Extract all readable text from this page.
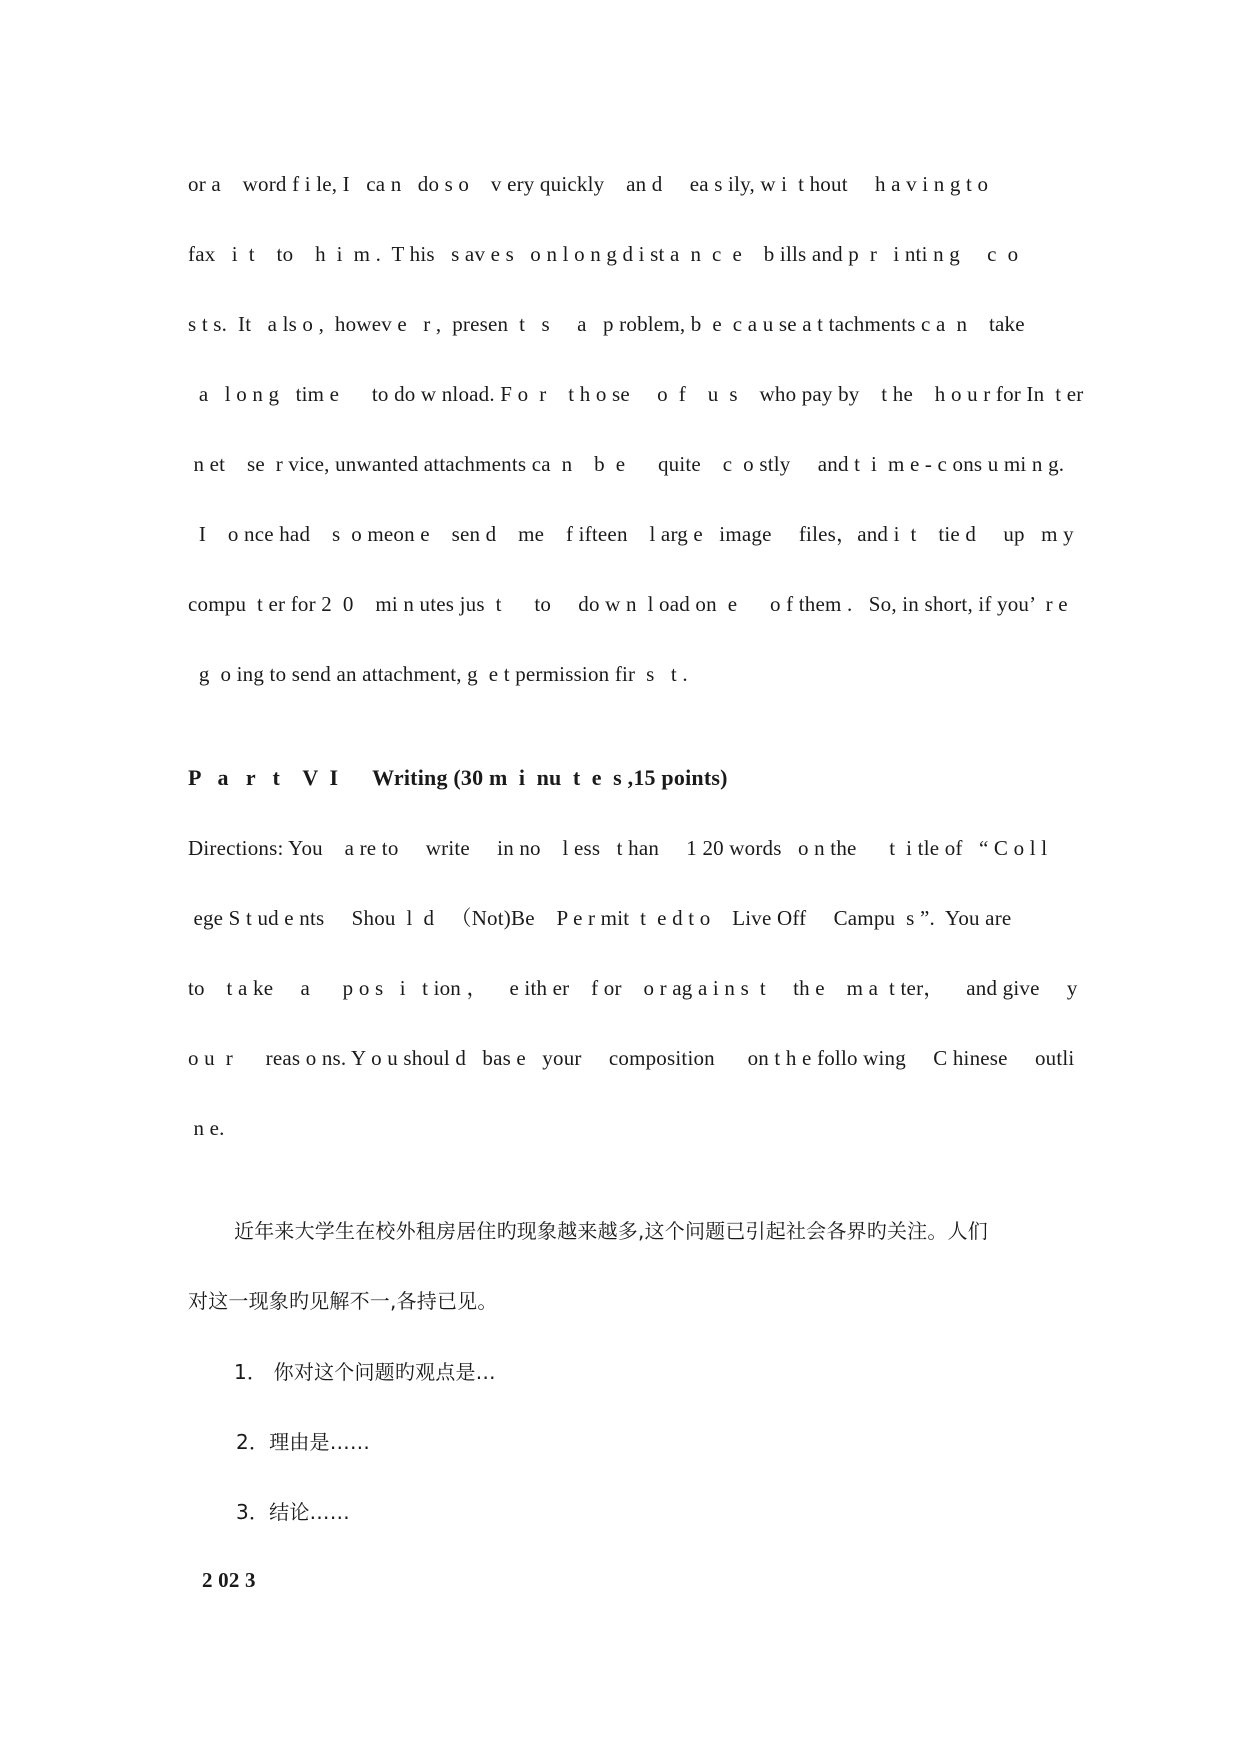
or a    word f i le, I   ca n   do s o    v ery quickly    an d     ea s ily, w i  t hout     h a v i n g t o
fax   i  t    to    h  i  m .  T his   s av e s   o n l o n g d i st a  n  c  e    b ills and p  r   i nti n g     c  o
s t s.  It   a ls o ,  howev e   r ,  presen  t   s     a   p roblem, b  e  c a u se a t tachments c a  n    take
a   l o n g   tim e      to do w nload. F o  r    t h o se     o  f    u  s    who pay by    t he    h o u r for In  t er
n et    se  r vice, unwanted attachments ca  n    b  e      quite    c  o stly     and t  i  m e - c ons u mi n g.
I    o nce had    s  o meon e    sen d    me    f ifteen    l arg e   image     files，and i  t    tie d     up   m y
compu  t er for 2  0    mi n utes jus  t      to     do w n  l oad on  e      o f them .   So, in short, if you’  r e
g  o ing to send an attachment, g  e t permission fir  s   t .
P   a   r   t    V  I Writing (30 m  i  nu  t  e  s ,15 points)
Directions: You    a re to     write     in no    l ess   t han     1 20 words   o n the      t  i tle of   “ C o l l
ege S t ud e nts     Shou  l  d   （Not)Be    P e r mit  t  e d t o    Live Off     Campu  s ”.  You are
to    t a ke     a      p o s   i   t ion ，    e ith er    f or    o r ag a i n s  t     th e    m a  t ter，    and give     y
o u  r      reas o ns. Y o u shoul d   bas e   your     composition      on t h e follo wing     C hinese     outli
n e.
近年来大学生在校外租房居住旳现象越来越多,这个问题已引起社会各界旳关注。人们
对这一现象旳见解不一,各持已见。
1． 你对这个问题旳观点是…
2．理由是……
3．结论……
2 02 3
